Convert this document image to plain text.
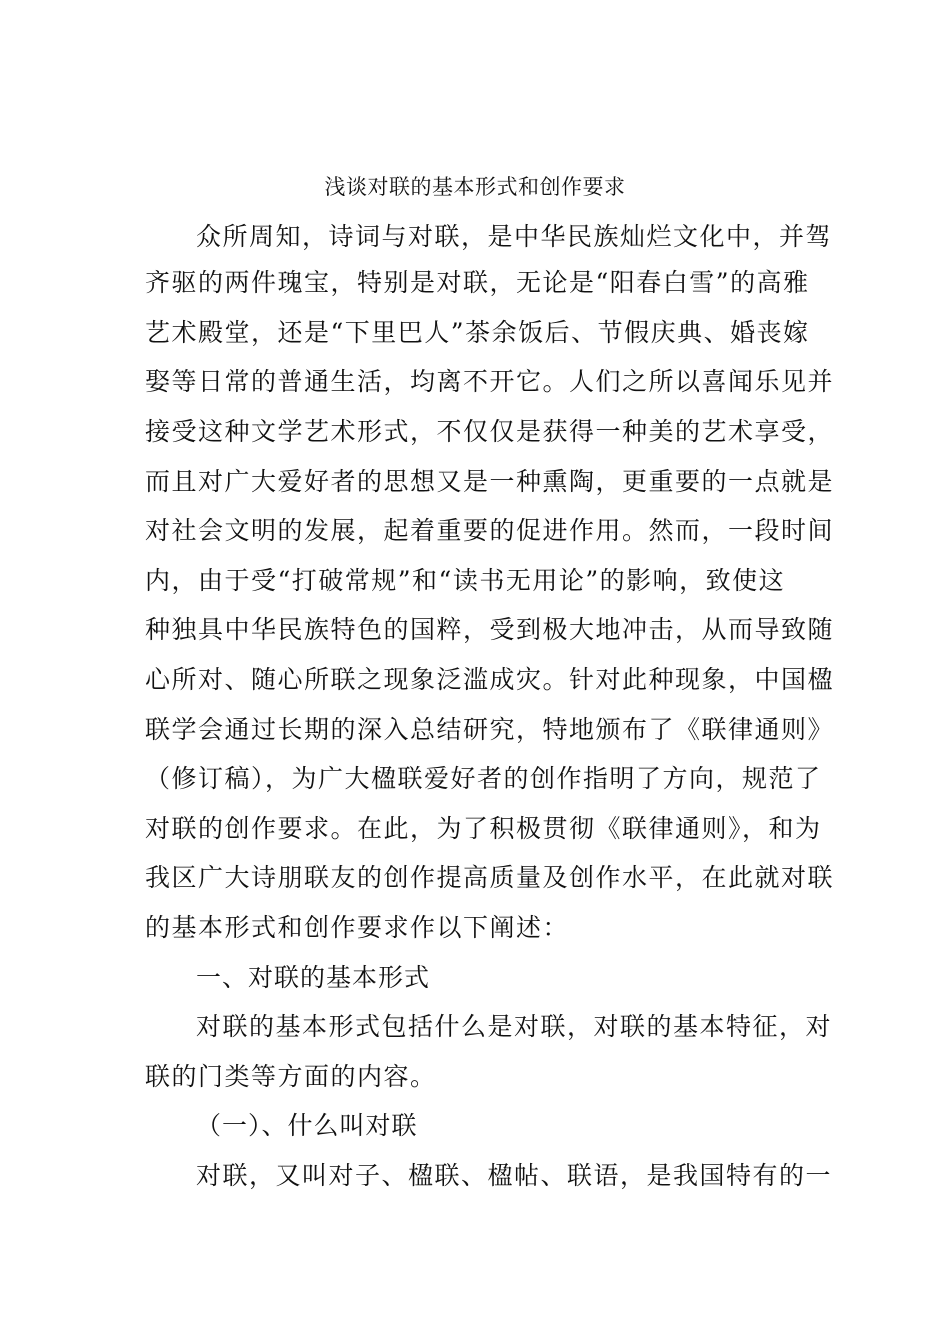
浅谈对联的基本形式和创作要求
众所周知，诗词与对联，是中华民族灿烂文化中，并驾
齐驱的两件瑰宝，特别是对联，无论是“阳春白雪”的高雅
艺术殿堂，还是“下里巴人”茶余饭后、节假庆典、婚丧嫁
娶等日常的普通生活，均离不开它。人们之所以喜闻乐见并
接受这种文学艺术形式，不仅仅是获得一种美的艺术享受，
而且对广大爱好者的思想又是一种熏陶，更重要的一点就是
对社会文明的发展，起着重要的促进作用。然而，一段时间
内，由于受“打破常规”和“读书无用论”的影响，致使这
种独具中华民族特色的国粹，受到极大地冲击，从而导致随
心所对、随心所联之现象泛滥成灾。针对此种现象，中国楹
联学会通过长期的深入总结研究，特地颁布了《联律通则》
（修订稿），为广大楹联爱好者的创作指明了方向，规范了
对联的创作要求。在此，为了积极贯彻《联律通则》，和为
我区广大诗朋联友的创作提高质量及创作水平，在此就对联
的基本形式和创作要求作以下阐述：
一、对联的基本形式
对联的基本形式包括什么是对联，对联的基本特征，对
联的门类等方面的内容。
（一）、什么叫对联
对联，又叫对子、楹联、楹帖、联语，是我国特有的一
